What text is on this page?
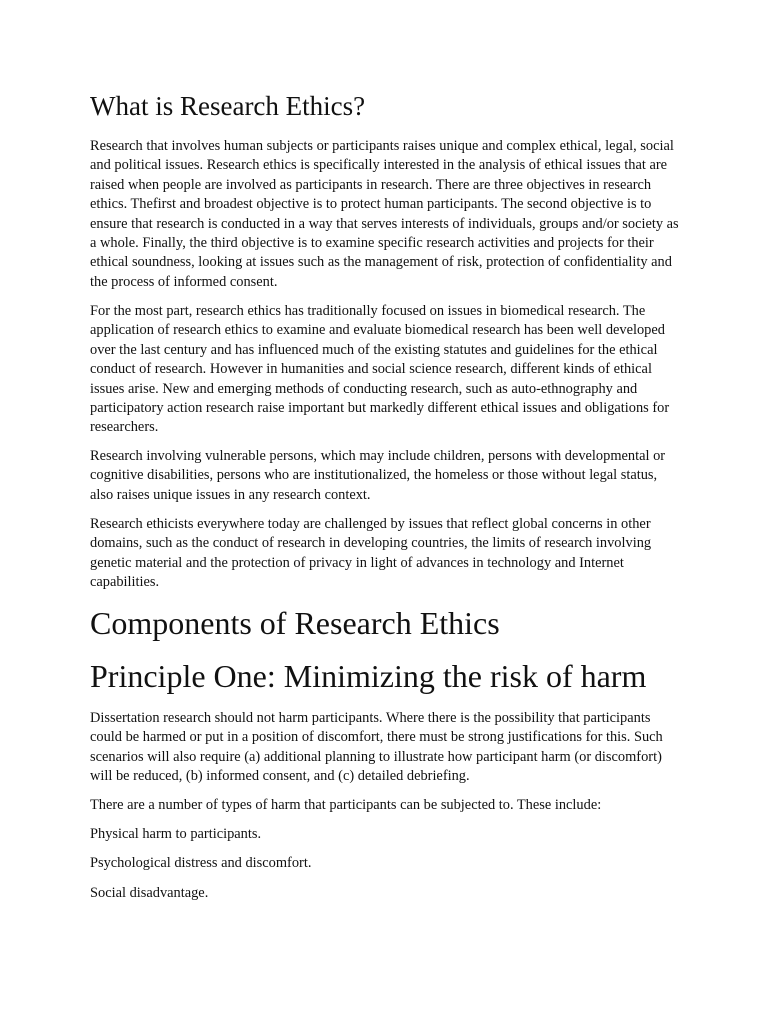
What is Research Ethics?

Research that involves human subjects or participants raises unique and complex ethical, legal, social and political issues. Research ethics is specifically interested in the analysis of ethical issues that are raised when people are involved as participants in research. There are three objectives in research ethics. Thefirst and broadest objective is to protect human participants. The second objective is to ensure that research is conducted in a way that serves interests of individuals, groups and/or society as a whole. Finally, the third objective is to examine specific research activities and projects for their ethical soundness, looking at issues such as the management of risk, protection of confidentiality and the process of informed consent.

For the most part, research ethics has traditionally focused on issues in biomedical research. The application of research ethics to examine and evaluate biomedical research has been well developed over the last century and has influenced much of the existing statutes and guidelines for the ethical conduct of research. However in humanities and social science research, different kinds of ethical issues arise. New and emerging methods of conducting research, such as auto-ethnography and participatory action research raise important but markedly different ethical issues and obligations for researchers.

Research involving vulnerable persons, which may include children, persons with developmental or cognitive disabilities, persons who are institutionalized, the homeless or those without legal status, also raises unique issues in any research context.

Research ethicists everywhere today are challenged by issues that reflect global concerns in other domains, such as the conduct of research in developing countries, the limits of research involving genetic material and the protection of privacy in light of advances in technology and Internet capabilities.

Components of Research Ethics
Principle One: Minimizing the risk of harm

Dissertation research should not harm participants. Where there is the possibility that participants could be harmed or put in a position of discomfort, there must be strong justifications for this. Such scenarios will also require (a) additional planning to illustrate how participant harm (or discomfort) will be reduced, (b) informed consent, and (c) detailed debriefing.

There are a number of types of harm that participants can be subjected to. These include:

Physical harm to participants.

Psychological distress and discomfort.

Social disadvantage.
